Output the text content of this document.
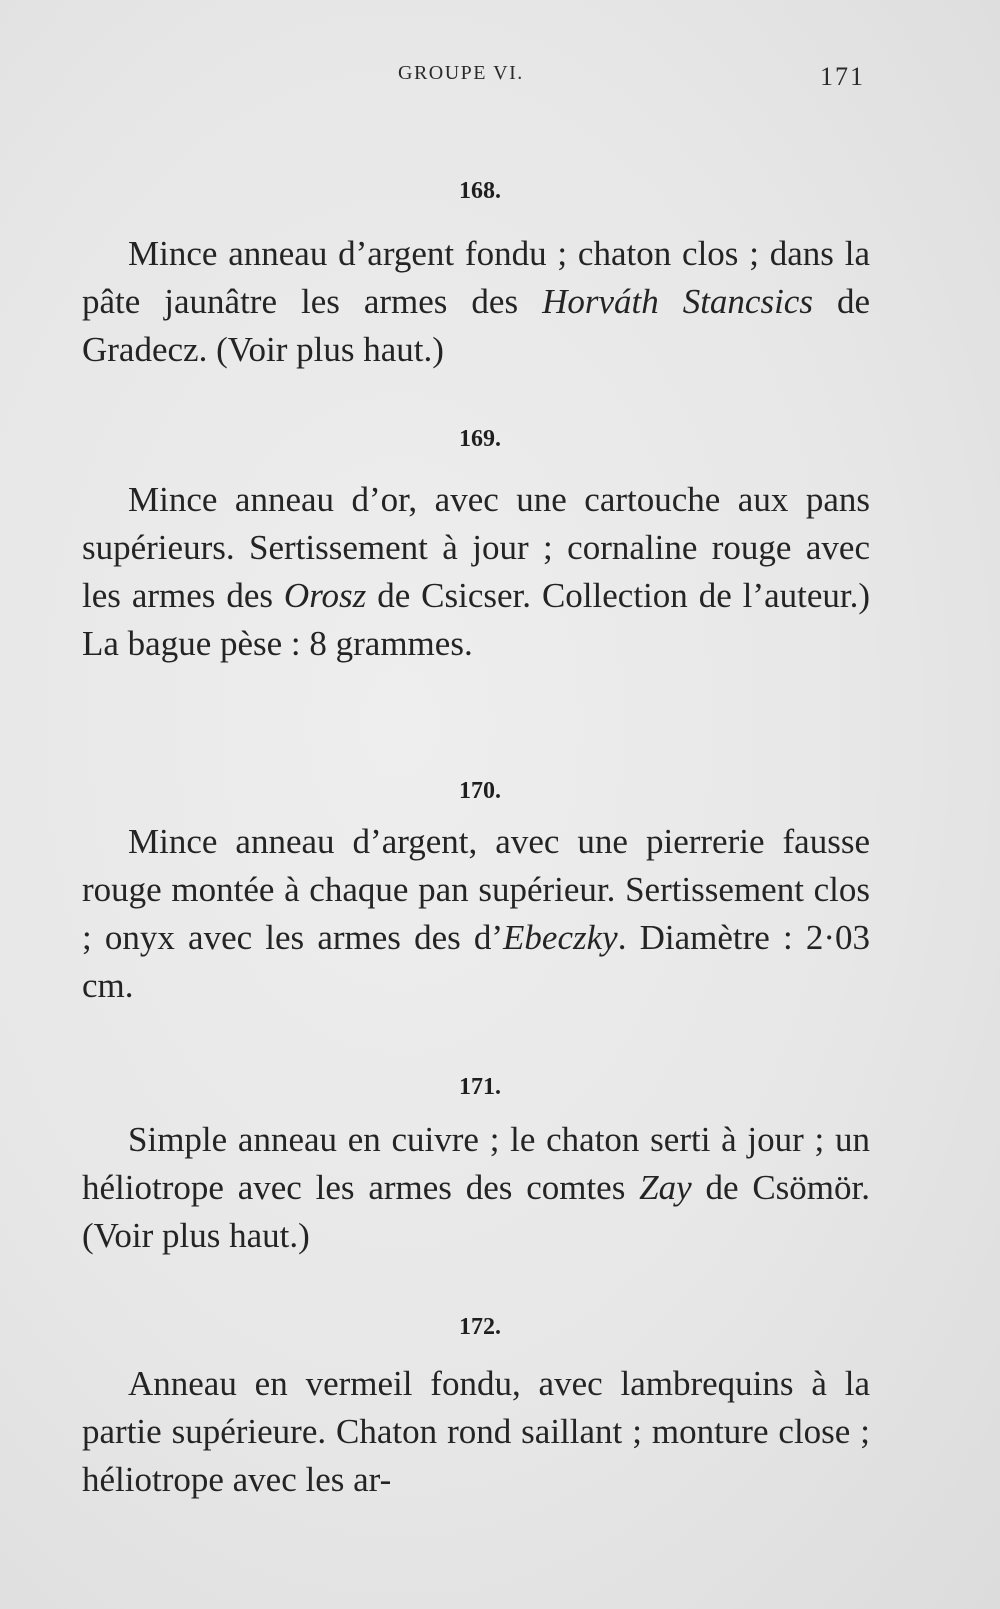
GROUPE VI.	171
168.
Mince anneau d’argent fondu ; chaton clos ; dans la pâte jaunâtre les armes des Horváth Stancsics de Gradecz. (Voir plus haut.)
169.
Mince anneau d’or, avec une cartouche aux pans supérieurs. Sertissement à jour ; cornaline rouge avec les armes des Orosz de Csicser. Collection de l’auteur.) La bague pèse : 8 grammes.
170.
Mince anneau d’argent, avec une pierrerie fausse rouge montée à chaque pan supérieur. Sertissement clos ; onyx avec les armes des d’Ebeczky. Diamètre : 2·03 cm.
171.
Simple anneau en cuivre ; le chaton serti à jour ; un héliotrope avec les armes des comtes Zay de Csömör. (Voir plus haut.)
172.
Anneau en vermeil fondu, avec lambrequins à la partie supérieure. Chaton rond saillant ; monture close ; héliotrope avec les ar-
